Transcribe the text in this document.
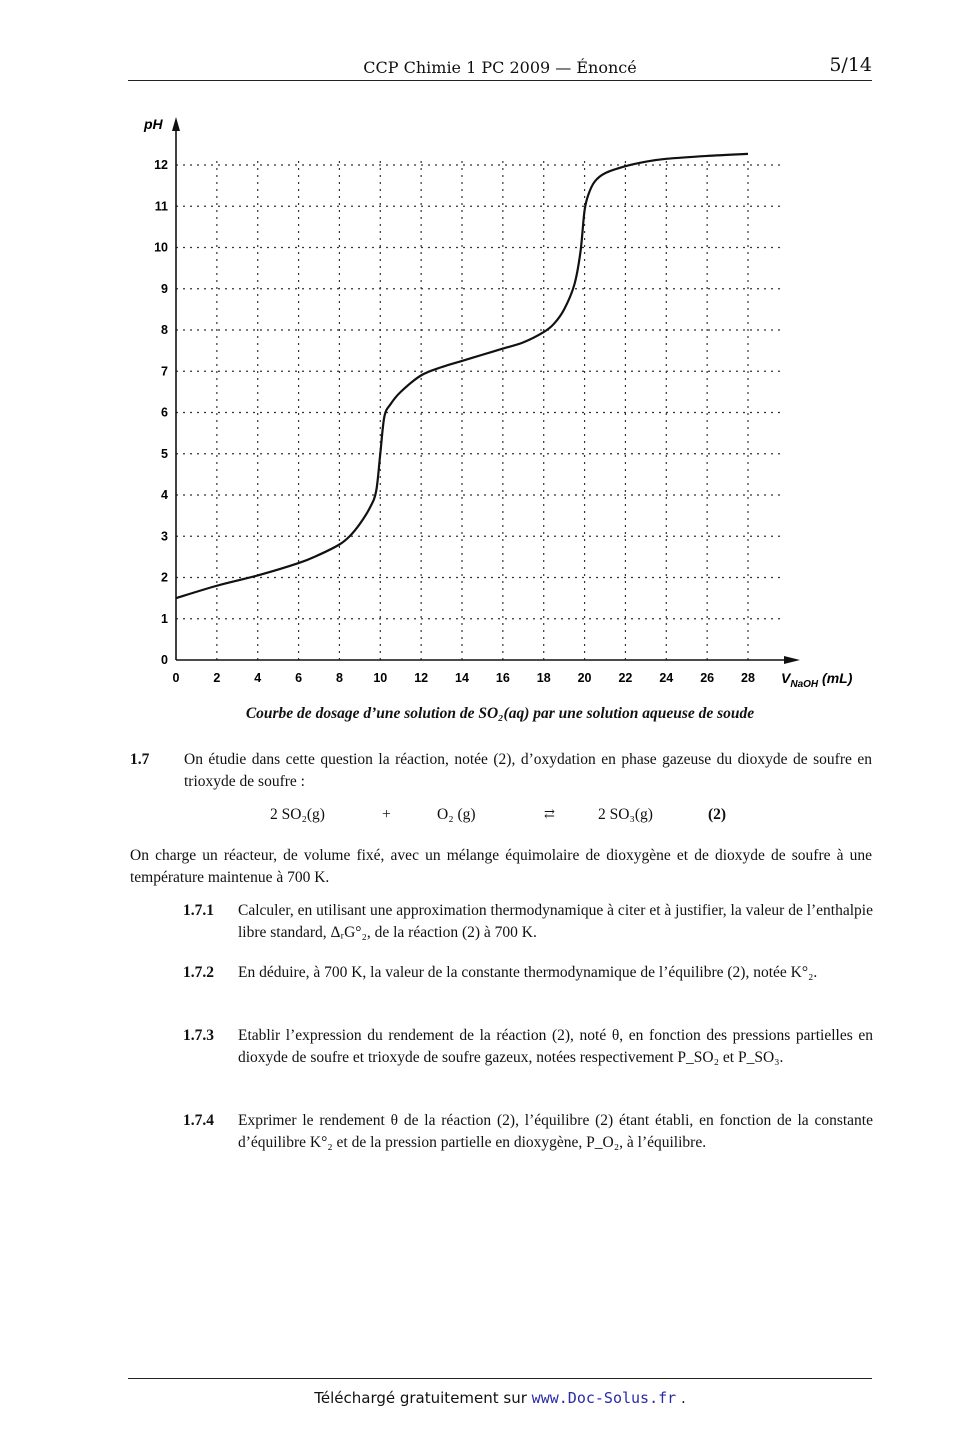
CCP Chimie 1 PC 2009 — Énoncé	5/14
0	2	4	6	8 10 12 14 16 18 20 22 24 26 28
0
1
2
3
4
5
6
7
8
9
10
11
12
pH
$V_{NaOH}$ (mL)
Courbe de dosage d’une solution de SO₂(aq) par une solution aqueuse de soude
1.7 On étudie dans cette question la réaction, notée (2), d’oxydation en phase gazeuse du dioxyde de soufre en trioxyde de soufre :
2 SO₂(g)	+	O₂ (g)	⇄	2 SO₃(g)	(2)
On charge un réacteur, de volume fixé, avec un mélange équimolaire de dioxygène et de dioxyde de soufre à une température maintenue à 700 K.
1.7.1 Calculer, en utilisant une approximation thermodynamique à citer et à justifier, la valeur de l’enthalpie libre standard, ΔᵣG°₂, de la réaction (2) à 700 K.
1.7.2 En déduire, à 700 K, la valeur de la constante thermodynamique de l’équilibre (2), notée K°₂.
1.7.3 Etablir l’expression du rendement de la réaction (2), noté θ, en fonction des pressions partielles en dioxyde de soufre et trioxyde de soufre gazeux, notées respectivement P_SO₂ et P_SO₃.
1.7.4 Exprimer le rendement θ de la réaction (2), l’équilibre (2) étant établi, en fonction de la constante d’équilibre K°₂ et de la pression partielle en dioxygène, P_O₂, à l’équilibre.
Téléchargé gratuitement sur www.Doc-Solus.fr .
